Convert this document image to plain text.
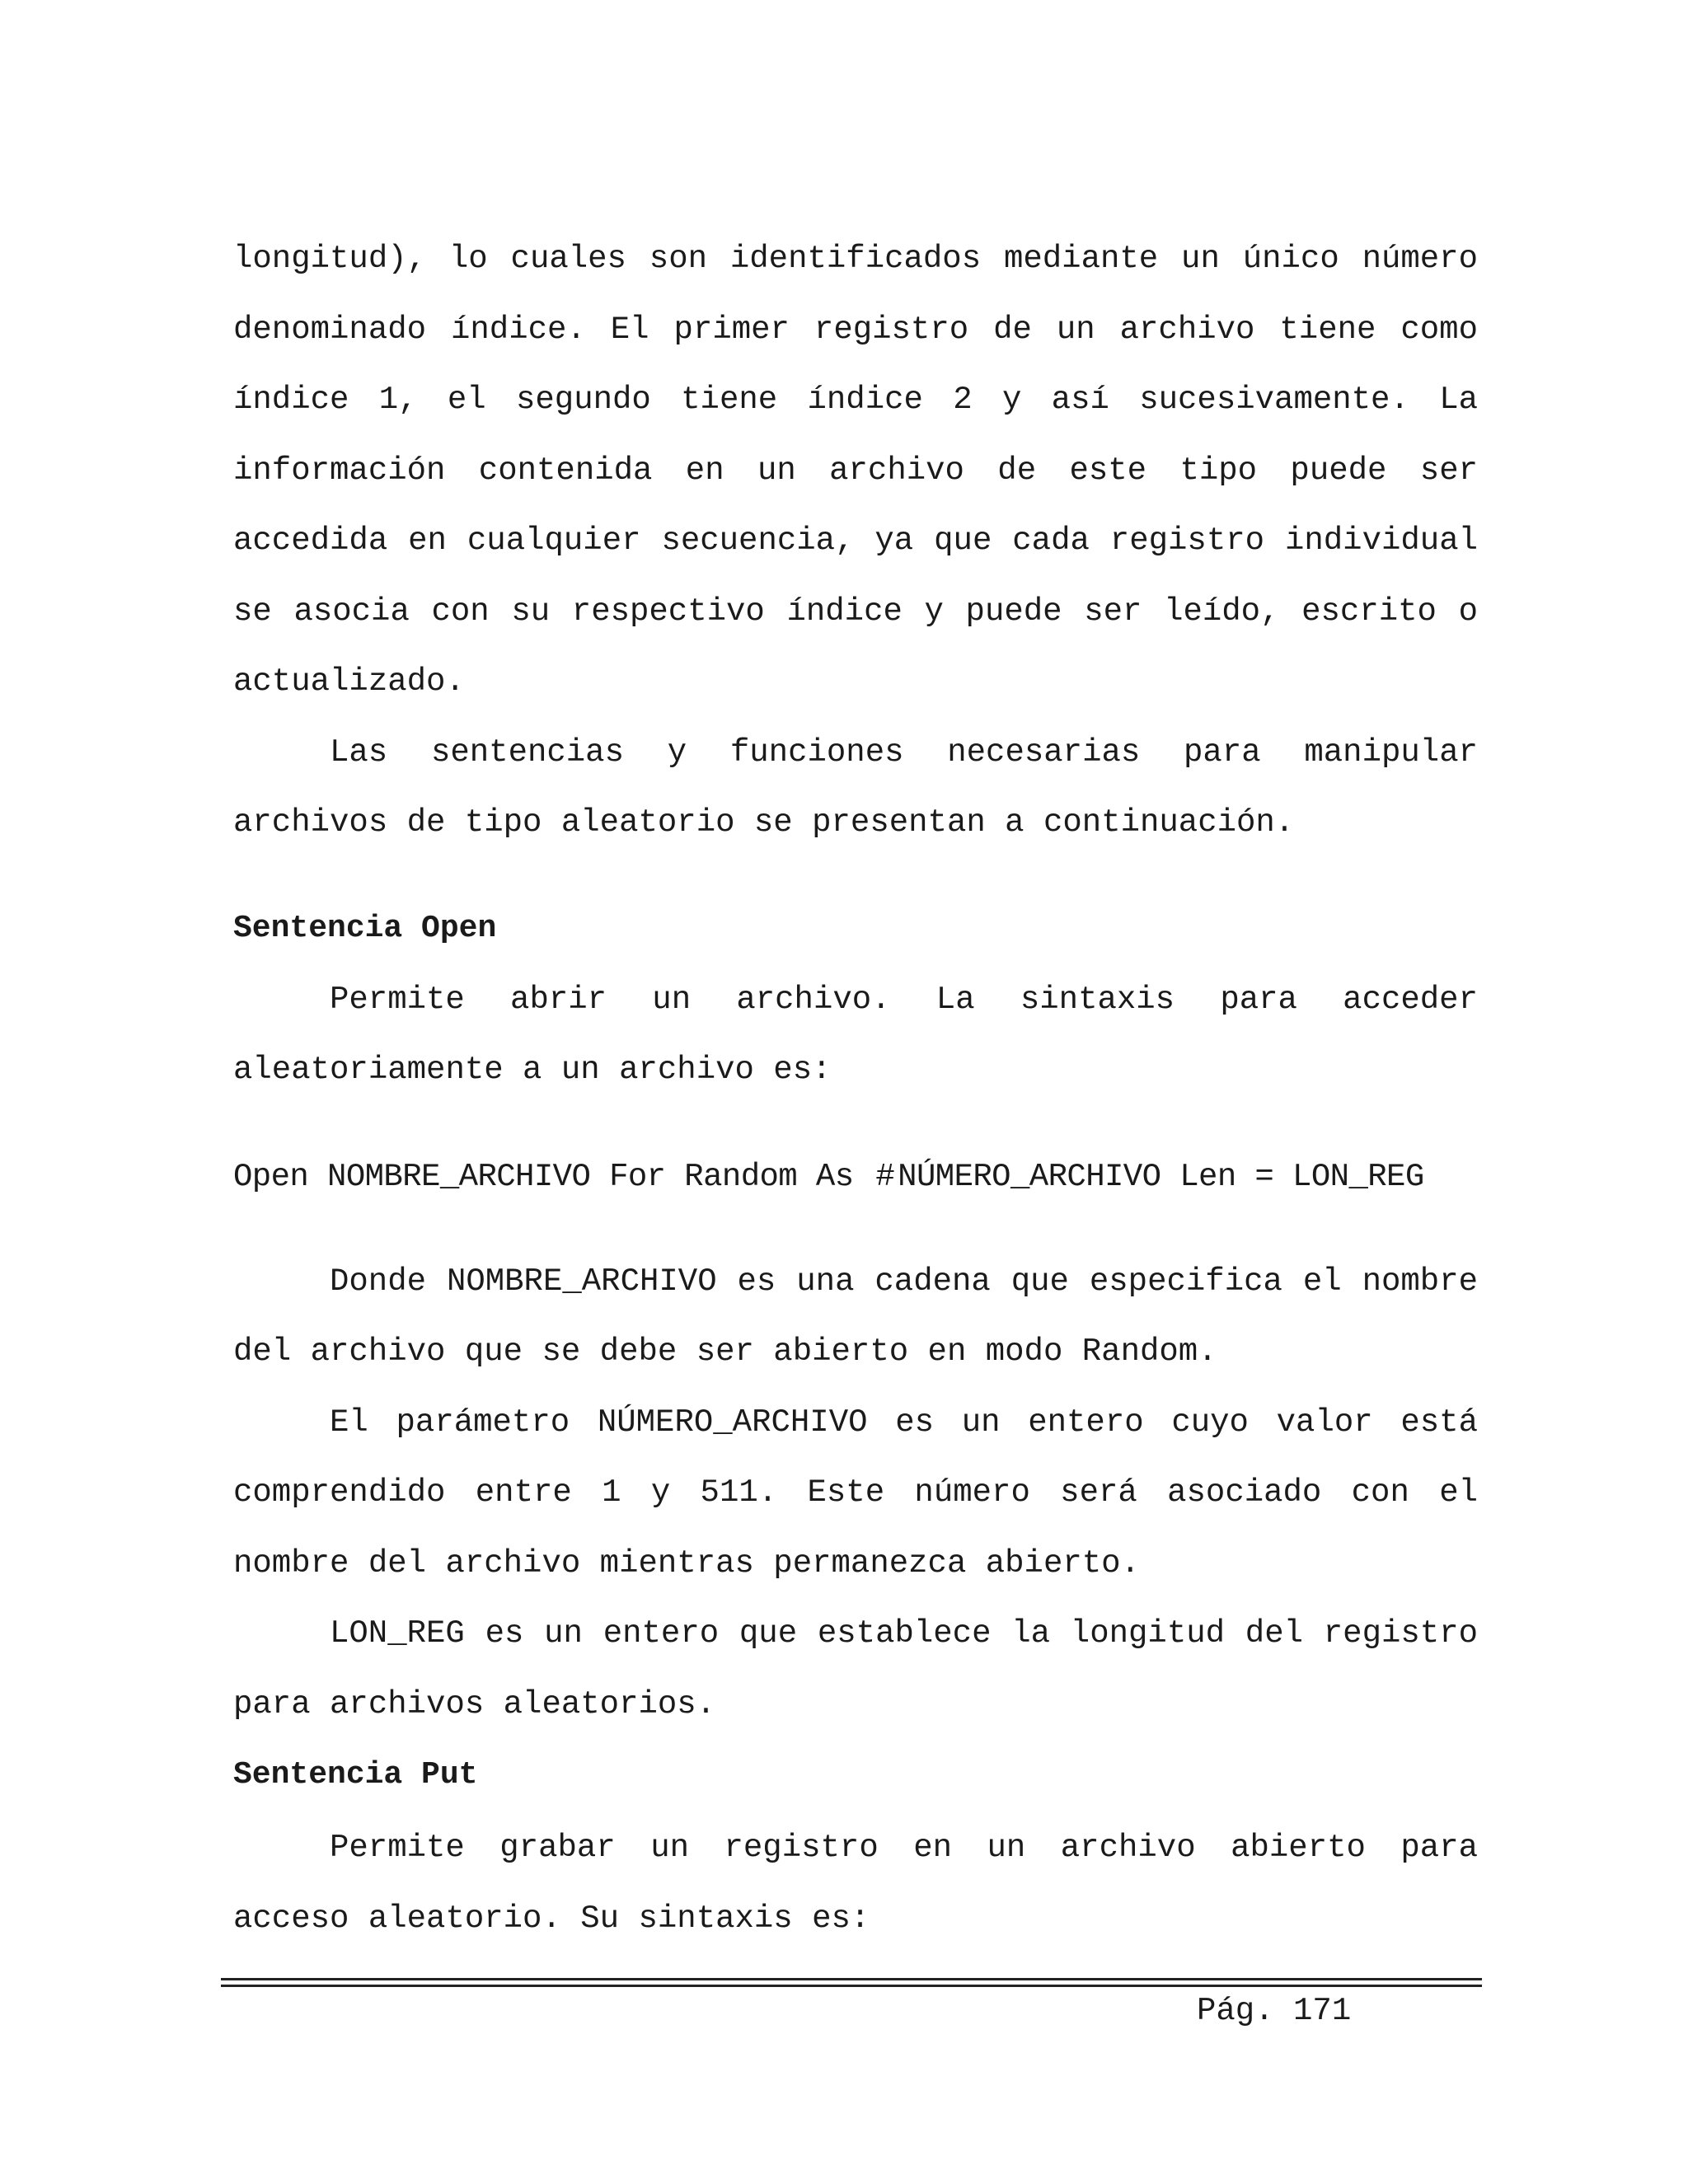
longitud), lo cuales son identificados mediante un único número denominado índice. El primer registro de un archivo tiene como índice 1, el segundo tiene índice 2 y así sucesivamente. La información contenida en un archivo de este tipo puede ser accedida en cualquier secuencia, ya que cada registro individual se asocia con su respectivo índice y puede ser leído, escrito o actualizado.

Las sentencias y funciones necesarias para manipular archivos de tipo aleatorio se presentan a continuación.

Sentencia Open

Permite abrir un archivo. La sintaxis para acceder aleatoriamente a un archivo es:

Open NOMBRE_ARCHIVO For Random As # NÚMERO_ARCHIVO Len = LON_REG

Donde NOMBRE_ARCHIVO es una cadena que especifica el nombre del archivo que se debe ser abierto en modo Random.

El parámetro NÚMERO_ARCHIVO es un entero cuyo valor está comprendido entre 1 y 511. Este número será asociado con el nombre del archivo mientras permanezca abierto.

LON_REG es un entero que establece la longitud del registro para archivos aleatorios.

Sentencia Put

Permite grabar un registro en un archivo abierto para acceso aleatorio. Su sintaxis es:

Pág. 171
